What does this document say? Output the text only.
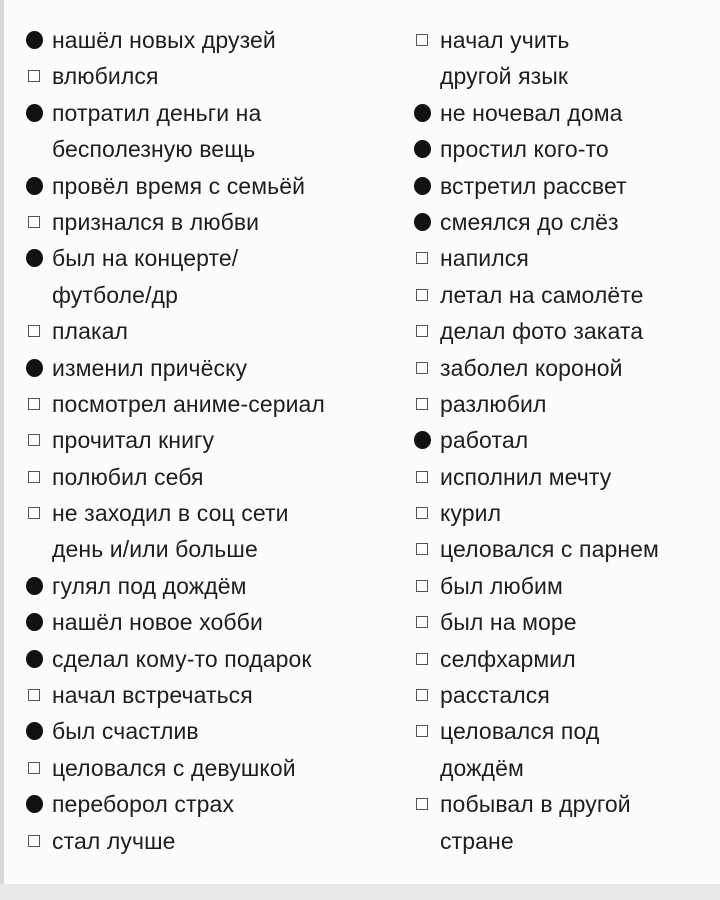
нашёл новых друзей
влюбился
потратил деньги на
бесполезную вещь
провёл время с семьёй
признался в любви
был на концерте/
футболе/др
плакал
изменил причёску
посмотрел аниме-сериал
прочитал книгу
полюбил себя
не заходил в соц сети
день и/или больше
гулял под дождём
нашёл новое хобби
сделал кому-то подарок
начал встречаться
был счастлив
целовался с девушкой
переборол страх
стал лучше
начал учить
другой язык
не ночевал дома
простил кого-то
встретил рассвет
смеялся до слёз
напился
летал на самолёте
делал фото заката
заболел короной
разлюбил
работал
исполнил мечту
курил
целовался с парнем
был любим
был на море
селфхармил
расстался
целовался под
дождём
побывал в другой
стране
